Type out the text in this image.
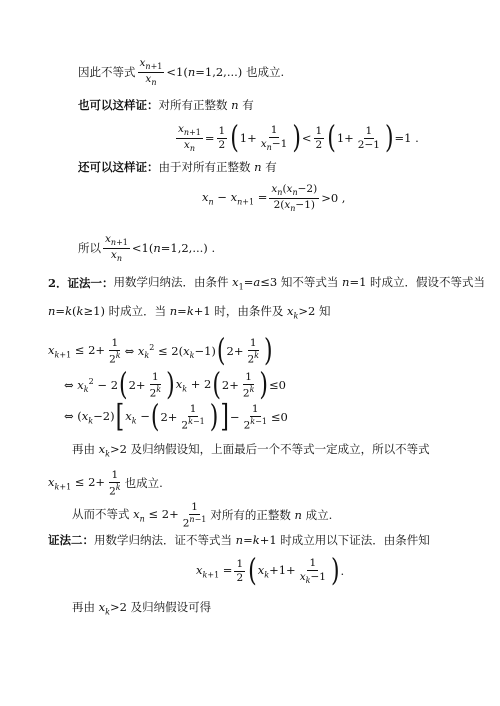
因此不等式 $\frac{x_{n+1}}{x_n} <1(n=1,2,...)$ 也成立.
也可以这样证： 对所有正整数 n 有
$\frac{x_{n+1}}{x_n} = \frac{1}{2}$ ( $1+ \frac{1}{x_n-1}$ ) < $\frac{1}{2}$ ( $1+ \frac{1}{2-1}$ ) =1 .
还可以这样证： 由于对所有正整数 n 有
$x_n - x_{n+1} = \frac{x_n(x_n-2)}{2(x_n-1)} >0$ ,
所以 $\frac{x_{n+1}}{x_n} <1(n=1,2,...)$ .
2．证法一： 用数学归纳法．由条件 $x_1=a\le 3$ 知不等式当 n=1 时成立．假设不等式当
n=k(k≥1) 时成立．当 n=k+1 时，由条件及 $x_k>2$ 知
$x_{k+1} \le 2+ \frac{1}{2^k}$ ⇔ $x_k^2 \le 2(x_k-1)$ ( $2+ \frac{1}{2^k}$ )
⇔ $x_k^2 - 2$ ( $2+ \frac{1}{2^k}$ ) $x_k + 2$ ( $2+ \frac{1}{2^k}$ ) ≤0
⇔ $(x_k-2)$ [ $x_k$ − ( $2+ \frac{1}{2^{k-1}}$ ) ] − $\frac{1}{2^{k-1}} \le 0$
再由 $x_k>2$ 及归纳假设知，上面最后一个不等式一定成立，所以不等式
$x_{k+1} \le 2+ \frac{1}{2^k}$ 也成立.
从而不等式 $x_n \le 2+ \frac{1}{2^{n-1}}$ 对所有的正整数 n 成立.
证法二： 用数学归纳法．证不等式当 n=k+1 时成立用以下证法．由条件知
$x_{k+1} = \frac{1}{2}$ ( $x_k+1+ \frac{1}{x_k-1}$ ) .
再由 $x_k>2$ 及归纳假设可得
